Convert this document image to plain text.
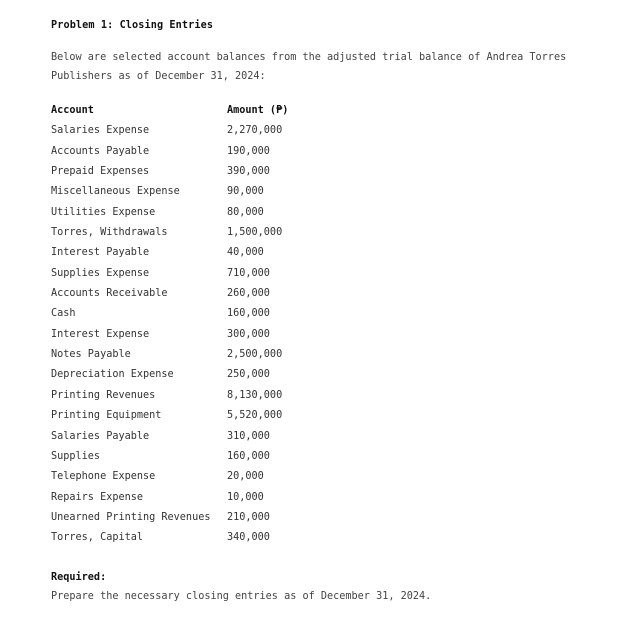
Problem 1: Closing Entries

Below are selected account balances from the adjusted trial balance of Andrea Torres Publishers as of December 31, 2024:

Account	Amount (₱)
Salaries Expense	2,270,000
Accounts Payable	190,000
Prepaid Expenses	390,000
Miscellaneous Expense	90,000
Utilities Expense	80,000
Torres, Withdrawals	1,500,000
Interest Payable	40,000
Supplies Expense	710,000
Accounts Receivable	260,000
Cash	160,000
Interest Expense	300,000
Notes Payable	2,500,000
Depreciation Expense	250,000
Printing Revenues	8,130,000
Printing Equipment	5,520,000
Salaries Payable	310,000
Supplies	160,000
Telephone Expense	20,000
Repairs Expense	10,000
Unearned Printing Revenues	210,000
Torres, Capital	340,000
Required:
Prepare the necessary closing entries as of December 31, 2024.
